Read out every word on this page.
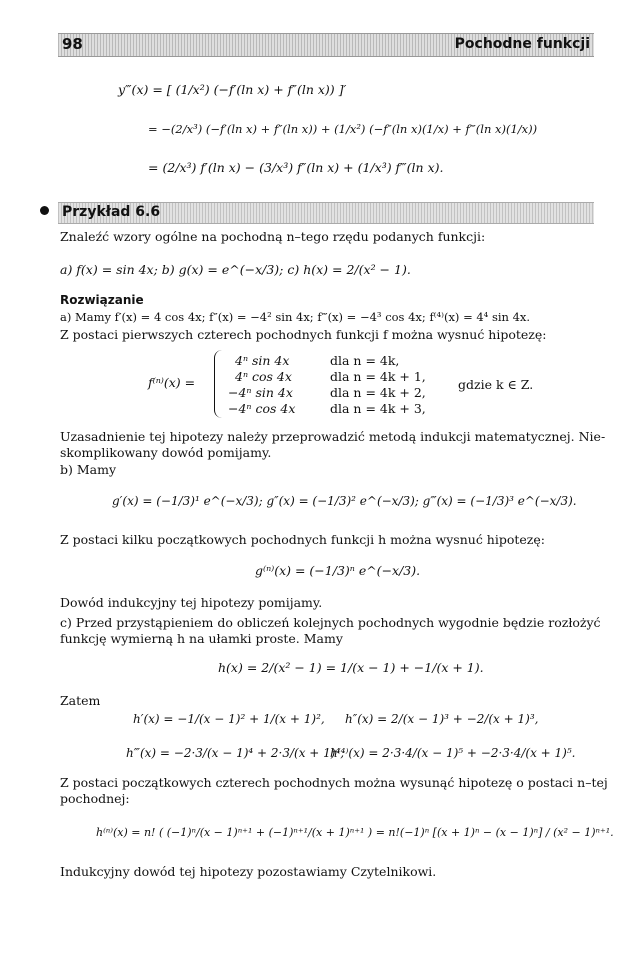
98	Pochodne funkcji
y‴(x) = [ (1/x²) (−f′(ln x) + f″(ln x)) ]′
= −(2/x³) (−f′(ln x) + f″(ln x)) + (1/x²) (−f″(ln x)(1/x) + f‴(ln x)(1/x))
= (2/x³) f′(ln x) − (3/x³) f″(ln x) + (1/x³) f‴(ln x).
Przykład 6.6
Znaleźć wzory ogólne na pochodną n–tego rzędu podanych funkcji:
a) f(x) = sin 4x; b) g(x) = e^(−x/3); c) h(x) = 2/(x² − 1).
Rozwiązanie
a) Mamy f′(x) = 4 cos 4x; f″(x) = −4² sin 4x; f‴(x) = −4³ cos 4x; f⁽⁴⁾(x) = 4⁴ sin 4x.
Z postaci pierwszych czterech pochodnych funkcji f można wysnuć hipotezę:
f⁽ⁿ⁾(x) =
4ⁿ sin 4x	dla n = 4k,
4ⁿ cos 4x	dla n = 4k + 1,
−4ⁿ sin 4x	dla n = 4k + 2,
−4ⁿ cos 4x	dla n = 4k + 3,
gdzie k ∈ Z.
Uzasadnienie tej hipotezy należy przeprowadzić metodą indukcji matematycznej. Nie-
skomplikowany dowód pomijamy.
b) Mamy
g′(x) = (−1/3)¹ e^(−x/3); g″(x) = (−1/3)² e^(−x/3); g‴(x) = (−1/3)³ e^(−x/3).
Z postaci kilku początkowych pochodnych funkcji h można wysnuć hipotezę:
g⁽ⁿ⁾(x) = (−1/3)ⁿ e^(−x/3).
Dowód indukcyjny tej hipotezy pomijamy.
c) Przed przystąpieniem do obliczeń kolejnych pochodnych wygodnie będzie rozłożyć
funkcję wymierną h na ułamki proste. Mamy
h(x) = 2/(x² − 1) = 1/(x − 1) + −1/(x + 1).
Zatem
h′(x) = −1/(x − 1)² + 1/(x + 1)², h″(x) = 2/(x − 1)³ + −2/(x + 1)³,
h‴(x) = −2·3/(x − 1)⁴ + 2·3/(x + 1)⁴,
h⁽⁴⁾(x) = 2·3·4/(x − 1)⁵ + −2·3·4/(x + 1)⁵.
Z postaci początkowych czterech pochodnych można wysunąć hipotezę o postaci n–tej
pochodnej:
h⁽ⁿ⁾(x) = n! ( (−1)ⁿ/(x − 1)ⁿ⁺¹ + (−1)ⁿ⁺¹/(x + 1)ⁿ⁺¹ ) = n!(−1)ⁿ [(x + 1)ⁿ − (x − 1)ⁿ] / (x² − 1)ⁿ⁺¹.
Indukcyjny dowód tej hipotezy pozostawiamy Czytelnikowi.
